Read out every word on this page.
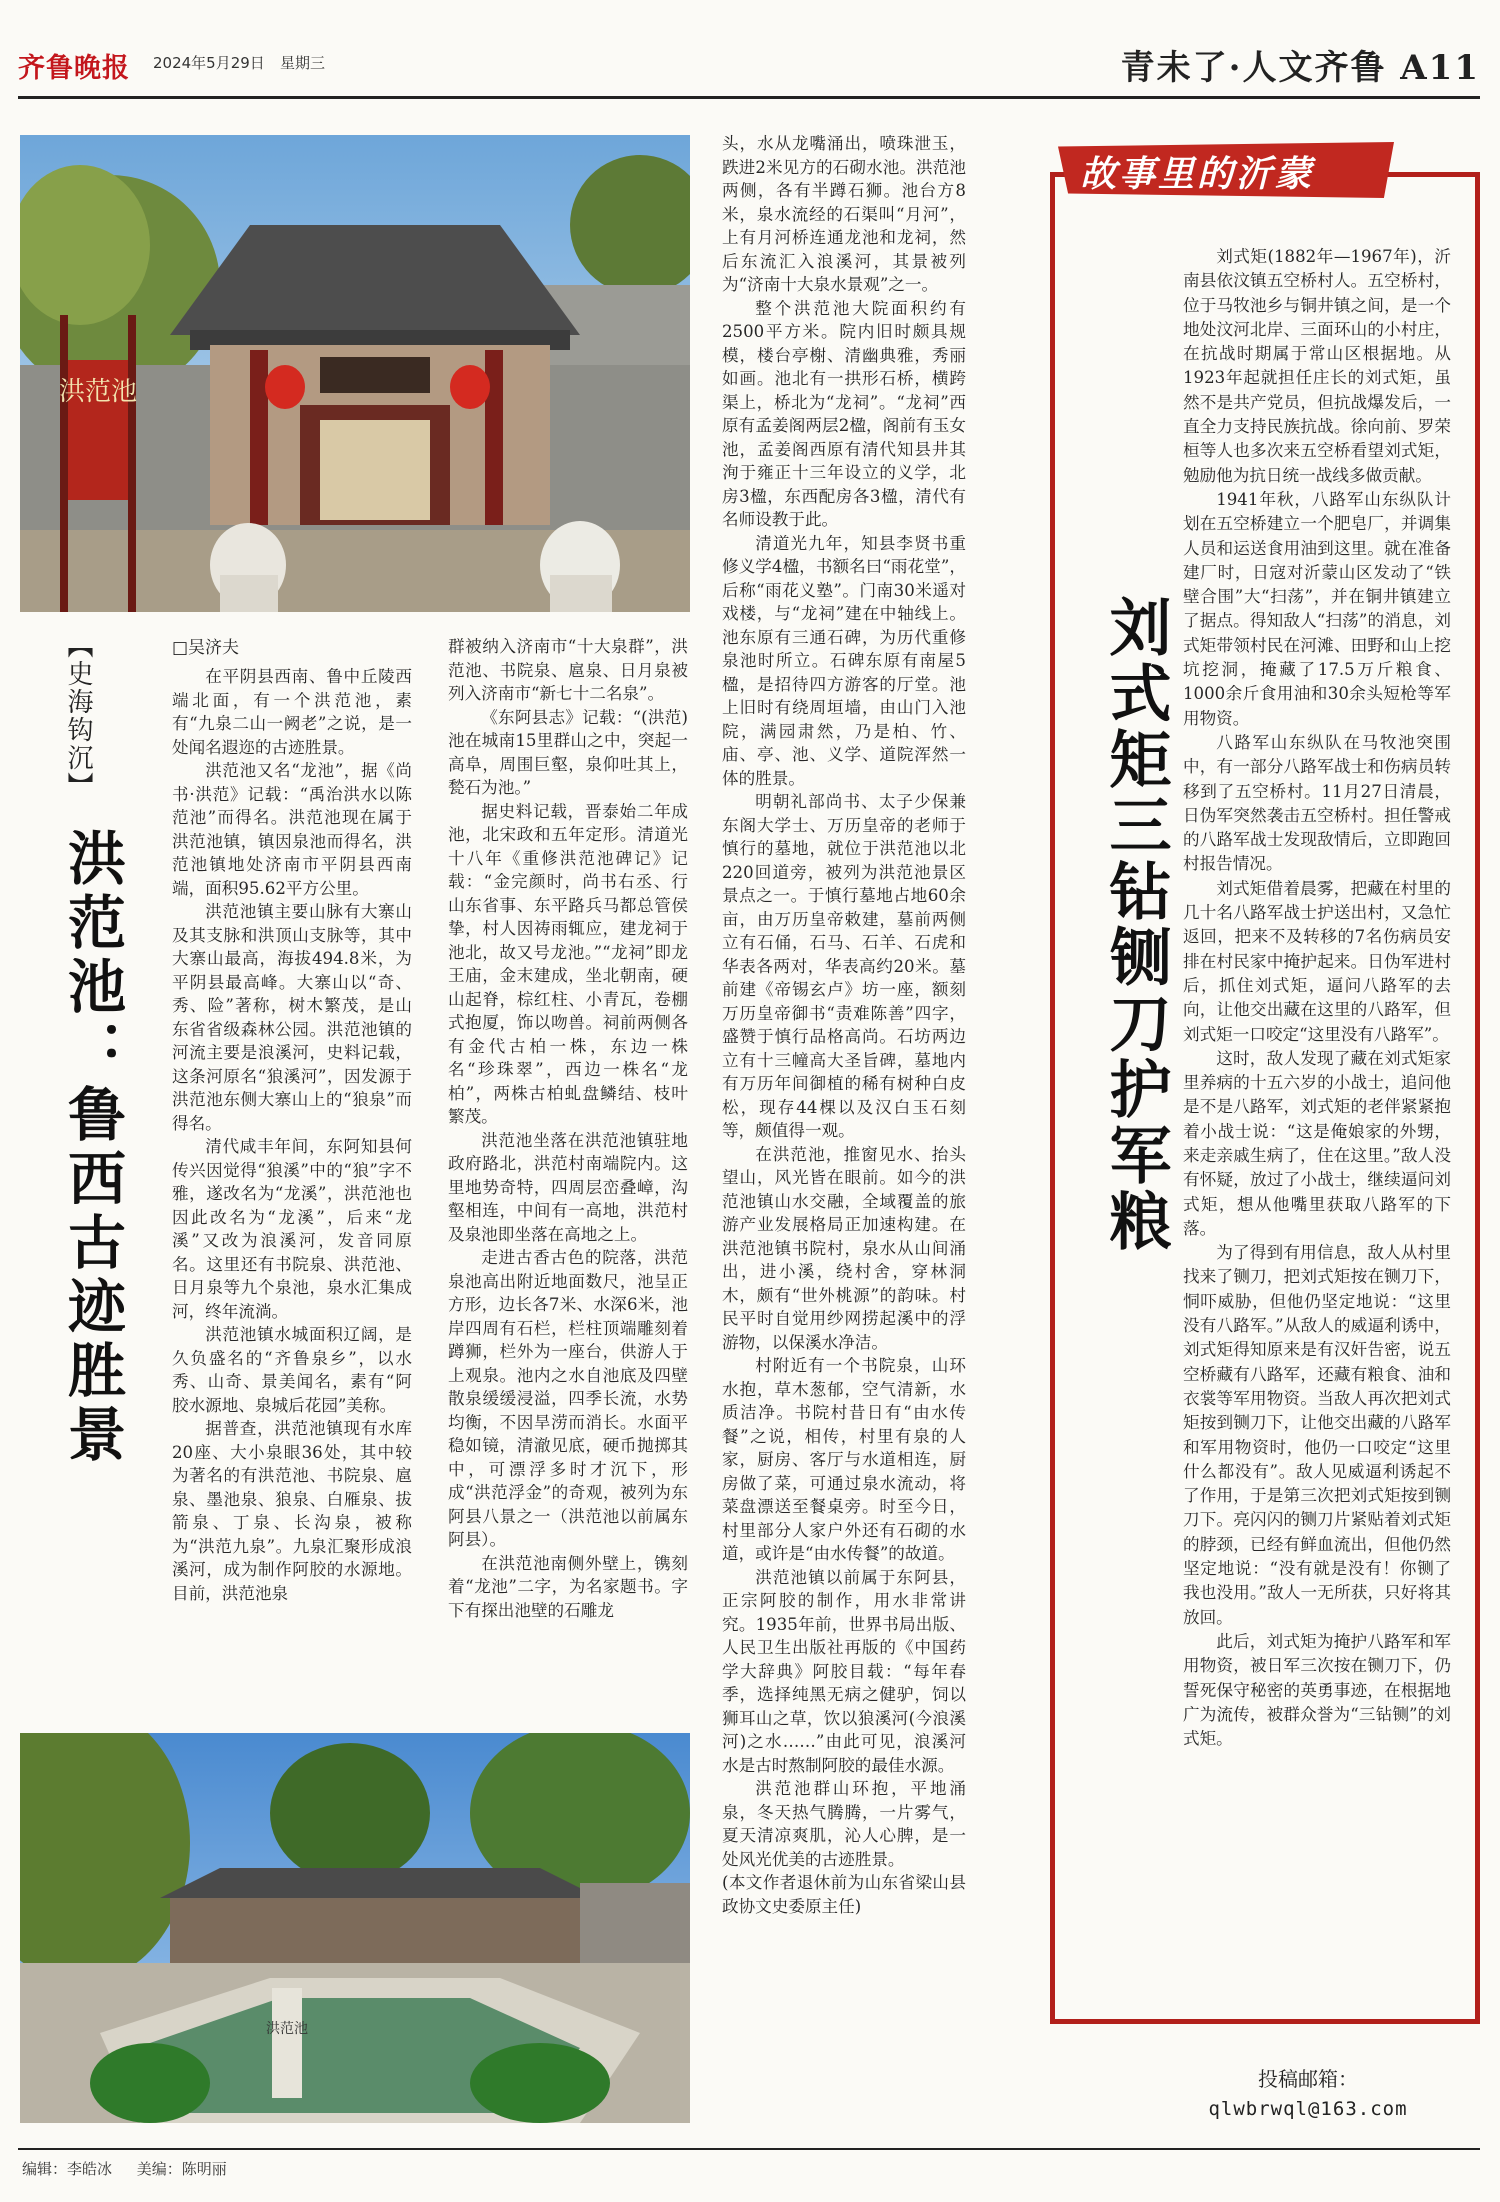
齐鲁晚报 2024年5月29日 星期三	青未了·人文齐鲁 A11
洪范池
洪范池
【史海钩沉】
洪范池：鲁西古迹胜景
□吴济夫

在平阴县西南、鲁中丘陵西端北面，有一个洪范池，素有“九泉二山一阙老”之说，是一处闻名遐迩的古迹胜景。

洪范池又名“龙池”，据《尚书·洪范》记载：“禹治洪水以陈范池”而得名。洪范池现在属于洪范池镇，镇因泉池而得名，洪范池镇地处济南市平阴县西南端，面积95.62平方公里。

洪范池镇主要山脉有大寨山及其支脉和洪顶山支脉等，其中大寨山最高，海拔494.8米，为平阴县最高峰。大寨山以“奇、秀、险”著称，树木繁茂，是山东省省级森林公园。洪范池镇的河流主要是浪溪河，史料记载，这条河原名“狼溪河”，因发源于洪范池东侧大寨山上的“狼泉”而得名。

清代咸丰年间，东阿知县何传兴因觉得“狼溪”中的“狼”字不雅，遂改名为“龙溪”，洪范池也因此改名为“龙溪”，后来“龙溪”又改为浪溪河，发音同原名。这里还有书院泉、洪范池、日月泉等九个泉池，泉水汇集成河，终年流淌。

洪范池镇水城面积辽阔，是久负盛名的“齐鲁泉乡”，以水秀、山奇、景美闻名，素有“阿胶水源地、泉城后花园”美称。

据普查，洪范池镇现有水库20座、大小泉眼36处，其中较为著名的有洪范池、书院泉、扈泉、墨池泉、狼泉、白雁泉、拔箭泉、丁泉、长沟泉，被称为“洪范九泉”。九泉汇聚形成浪溪河，成为制作阿胶的水源地。目前，洪范池泉

群被纳入济南市“十大泉群”，洪范池、书院泉、扈泉、日月泉被列入济南市“新七十二名泉”。

《东阿县志》记载：“(洪范)池在城南15里群山之中，突起一高阜，周围巨壑，泉仰吐其上，甃石为池。”

据史料记载，晋泰始二年成池，北宋政和五年定形。清道光十八年《重修洪范池碑记》记载：“金完颜时，尚书右丞、行山东省事、东平路兵马都总管侯挚，村人因祷雨辄应，建龙祠于池北，故又号龙池。”“龙祠”即龙王庙，金末建成，坐北朝南，硬山起脊，棕红柱、小青瓦，卷棚式抱厦，饰以吻兽。祠前两侧各有金代古柏一株，东边一株名“珍珠翠”，西边一株名“龙柏”，两株古柏虬盘鳞结、枝叶繁茂。

洪范池坐落在洪范池镇驻地政府路北，洪范村南端院内。这里地势奇特，四周层峦叠嶂，沟壑相连，中间有一高地，洪范村及泉池即坐落在高地之上。

走进古香古色的院落，洪范泉池高出附近地面数尺，池呈正方形，边长各7米、水深6米，池岸四周有石栏，栏柱顶端雕刻着蹲狮，栏外为一座台，供游人于上观泉。池内之水自池底及四壁散泉缓缓浸溢，四季长流，水势均衡，不因旱涝而消长。水面平稳如镜，清澈见底，硬币抛掷其中，可漂浮多时才沉下，形成“洪范浮金”的奇观，被列为东阿县八景之一（洪范池以前属东阿县）。

在洪范池南侧外壁上，镌刻着“龙池”二字，为名家题书。字下有探出池壁的石雕龙

头，水从龙嘴涌出，喷珠泄玉，跌进2米见方的石砌水池。洪范池两侧，各有半蹲石狮。池台方8米，泉水流经的石渠叫“月河”，上有月河桥连通龙池和龙祠，然后东流汇入浪溪河，其景被列为“济南十大泉水景观”之一。

整个洪范池大院面积约有2500平方米。院内旧时颇具规模，楼台亭榭、清幽典雅，秀丽如画。池北有一拱形石桥，横跨渠上，桥北为“龙祠”。“龙祠”西原有孟姜阁两层2楹，阁前有玉女池，孟姜阁西原有清代知县井其洵于雍正十三年设立的义学，北房3楹，东西配房各3楹，清代有名师设教于此。

清道光九年，知县李贤书重修义学4楹，书额名曰“雨花堂”，后称“雨花义塾”。门南30米遥对戏楼，与“龙祠”建在中轴线上。池东原有三通石碑，为历代重修泉池时所立。石碑东原有南屋5楹，是招待四方游客的厅堂。池上旧时有绕周垣墙，由山门入池院，满园肃然，乃是柏、竹、庙、亭、池、义学、道院浑然一体的胜景。

明朝礼部尚书、太子少保兼东阁大学士、万历皇帝的老师于慎行的墓地，就位于洪范池以北220回道旁，被列为洪范池景区景点之一。于慎行墓地占地60余亩，由万历皇帝敕建，墓前两侧立有石俑，石马、石羊、石虎和华表各两对，华表高约20米。墓前建《帝锡玄卢》坊一座，额刻万历皇帝御书“责难陈善”四字，盛赞于慎行品格高尚。石坊两边立有十三幢高大圣旨碑，墓地内有万历年间御植的稀有树种白皮松，现存44棵以及汉白玉石刻等，颇值得一观。

在洪范池，推窗见水、抬头望山，风光皆在眼前。如今的洪范池镇山水交融，全域覆盖的旅游产业发展格局正加速构建。在洪范池镇书院村，泉水从山间涌出，进小溪，绕村舍，穿林洞木，颇有“世外桃源”的韵味。村民平时自觉用纱网捞起溪中的浮游物，以保溪水净洁。

村附近有一个书院泉，山环水抱，草木葱郁，空气清新，水质洁净。书院村昔日有“由水传餐”之说，相传，村里有泉的人家，厨房、客厅与水道相连，厨房做了菜，可通过泉水流动，将菜盘漂送至餐桌旁。时至今日，村里部分人家户外还有石砌的水道，或许是“由水传餐”的故道。

洪范池镇以前属于东阿县，正宗阿胶的制作，用水非常讲究。1935年前，世界书局出版、人民卫生出版社再版的《中国药学大辞典》阿胶目载：“每年春季，选择纯黑无病之健驴，饲以狮耳山之草，饮以狼溪河(今浪溪河)之水……”由此可见，浪溪河水是古时熬制阿胶的最佳水源。

洪范池群山环抱，平地涌泉，冬天热气腾腾，一片雾气，夏天清凉爽肌，沁人心脾，是一处风光优美的古迹胜景。

(本文作者退休前为山东省梁山县政协文史委原主任)

故事里的沂蒙
刘式矩三钻铡刀护军粮

刘式矩(1882年—1967年)，沂南县依汶镇五空桥村人。五空桥村，位于马牧池乡与铜井镇之间，是一个地处汶河北岸、三面环山的小村庄，在抗战时期属于常山区根据地。从1923年起就担任庄长的刘式矩，虽然不是共产党员，但抗战爆发后，一直全力支持民族抗战。徐向前、罗荣桓等人也多次来五空桥看望刘式矩，勉励他为抗日统一战线多做贡献。

1941年秋，八路军山东纵队计划在五空桥建立一个肥皂厂，并调集人员和运送食用油到这里。就在准备建厂时，日寇对沂蒙山区发动了“铁壁合围”大“扫荡”，并在铜井镇建立了据点。得知敌人“扫荡”的消息，刘式矩带领村民在河滩、田野和山上挖坑挖洞，掩藏了17.5万斤粮食、1000余斤食用油和30余头短枪等军用物资。

八路军山东纵队在马牧池突围中，有一部分八路军战士和伤病员转移到了五空桥村。11月27日清晨，日伪军突然袭击五空桥村。担任警戒的八路军战士发现敌情后，立即跑回村报告情况。

刘式矩借着晨雾，把藏在村里的几十名八路军战士护送出村，又急忙返回，把来不及转移的7名伤病员安排在村民家中掩护起来。日伪军进村后，抓住刘式矩，逼问八路军的去向，让他交出藏在这里的八路军，但刘式矩一口咬定“这里没有八路军”。

这时，敌人发现了藏在刘式矩家里养病的十五六岁的小战士，追问他是不是八路军，刘式矩的老伴紧紧抱着小战士说：“这是俺娘家的外甥，来走亲戚生病了，住在这里。”敌人没有怀疑，放过了小战士，继续逼问刘式矩，想从他嘴里获取八路军的下落。

为了得到有用信息，敌人从村里找来了铡刀，把刘式矩按在铡刀下，恫吓威胁，但他仍坚定地说：“这里没有八路军。”从敌人的威逼利诱中，刘式矩得知原来是有汉奸告密，说五空桥藏有八路军，还藏有粮食、油和衣裳等军用物资。当敌人再次把刘式矩按到铡刀下，让他交出藏的八路军和军用物资时，他仍一口咬定“这里什么都没有”。敌人见威逼利诱起不了作用，于是第三次把刘式矩按到铡刀下。亮闪闪的铡刀片紧贴着刘式矩的脖颈，已经有鲜血流出，但他仍然坚定地说：“没有就是没有！你铡了我也没用。”敌人一无所获，只好将其放回。

此后，刘式矩为掩护八路军和军用物资，被日军三次按在铡刀下，仍誓死保守秘密的英勇事迹，在根据地广为流传，被群众誉为“三钻铡”的刘式矩。

投稿邮箱：
qlwbrwql@163.com
编辑：李皓冰 美编：陈明丽
